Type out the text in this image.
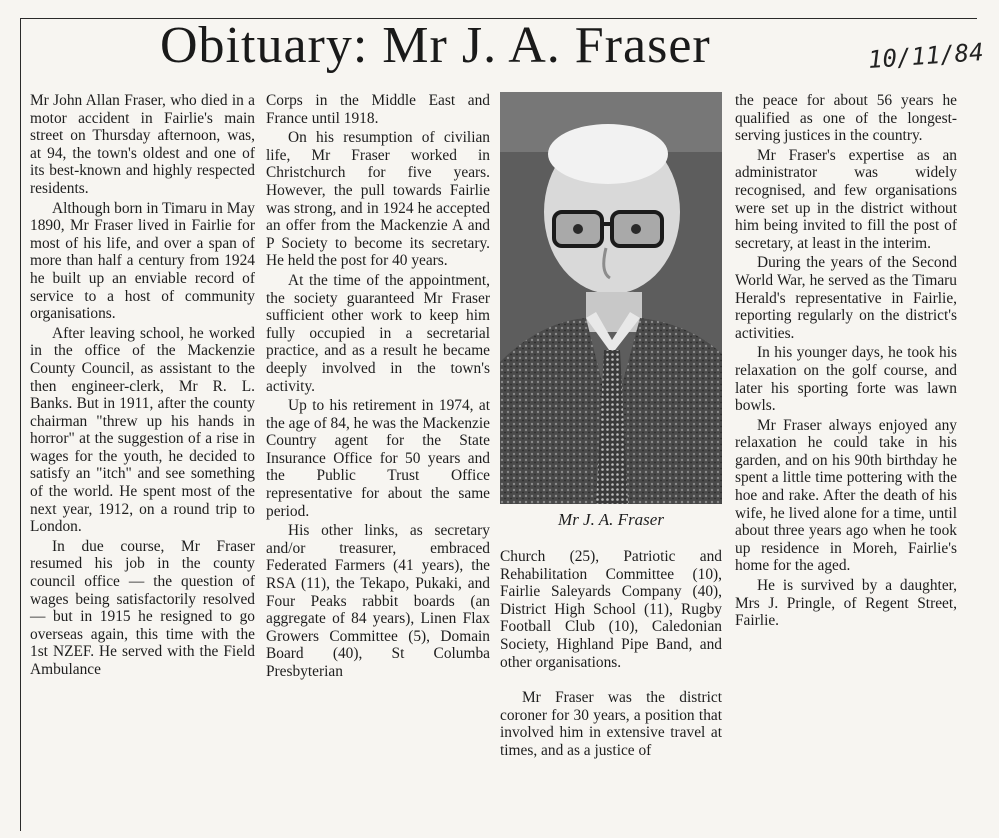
Obituary: Mr J. A. Fraser	10/11/84

Mr John Allan Fraser, who died in a motor accident in Fairlie's main street on Thursday afternoon, was, at 94, the town's oldest and one of its best-known and highly respected residents.

Although born in Timaru in May 1890, Mr Fraser lived in Fairlie for most of his life, and over a span of more than half a century from 1924 he built up an enviable record of service to a host of community organisations.

After leaving school, he worked in the office of the Mackenzie County Council, as assistant to the then engineer-clerk, Mr R. L. Banks. But in 1911, after the county chairman "threw up his hands in horror" at the suggestion of a rise in wages for the youth, he decided to satisfy an "itch" and see something of the world. He spent most of the next year, 1912, on a round trip to London.

In due course, Mr Fraser resumed his job in the county council office — the question of wages being satisfactorily resolved — but in 1915 he resigned to go overseas again, this time with the 1st NZEF. He served with the Field Ambulance

Corps in the Middle East and France until 1918.

On his resumption of civilian life, Mr Fraser worked in Christchurch for five years. However, the pull towards Fairlie was strong, and in 1924 he accepted an offer from the Mackenzie A and P Society to become its secretary. He held the post for 40 years.

At the time of the appointment, the society guaranteed Mr Fraser sufficient other work to keep him fully occupied in a secretarial practice, and as a result he became deeply involved in the town's activity.

Up to his retirement in 1974, at the age of 84, he was the Mackenzie Country agent for the State Insurance Office for 50 years and the Public Trust Office representative for about the same period.

His other links, as secretary and/or treasurer, embraced Federated Farmers (41 years), the RSA (11), the Tekapo, Pukaki, and Four Peaks rabbit boards (an aggregate of 84 years), Linen Flax Growers Committee (5), Domain Board (40), St Columba Presbyterian

Mr J. A. Fraser

Church (25), Patriotic and Rehabilitation Committee (10), Fairlie Saleyards Company (40), District High School (11), Rugby Football Club (10), Caledonian Society, Highland Pipe Band, and other organisations.

Mr Fraser was the district coroner for 30 years, a position that involved him in extensive travel at times, and as a justice of

the peace for about 56 years he qualified as one of the longest-serving justices in the country.

Mr Fraser's expertise as an administrator was widely recognised, and few organisations were set up in the district without him being invited to fill the post of secretary, at least in the interim.

During the years of the Second World War, he served as the Timaru Herald's representative in Fairlie, reporting regularly on the district's activities.

In his younger days, he took his relaxation on the golf course, and later his sporting forte was lawn bowls.

Mr Fraser always enjoyed any relaxation he could take in his garden, and on his 90th birthday he spent a little time pottering with the hoe and rake. After the death of his wife, he lived alone for a time, until about three years ago when he took up residence in Moreh, Fairlie's home for the aged.

He is survived by a daughter, Mrs J. Pringle, of Regent Street, Fairlie.
